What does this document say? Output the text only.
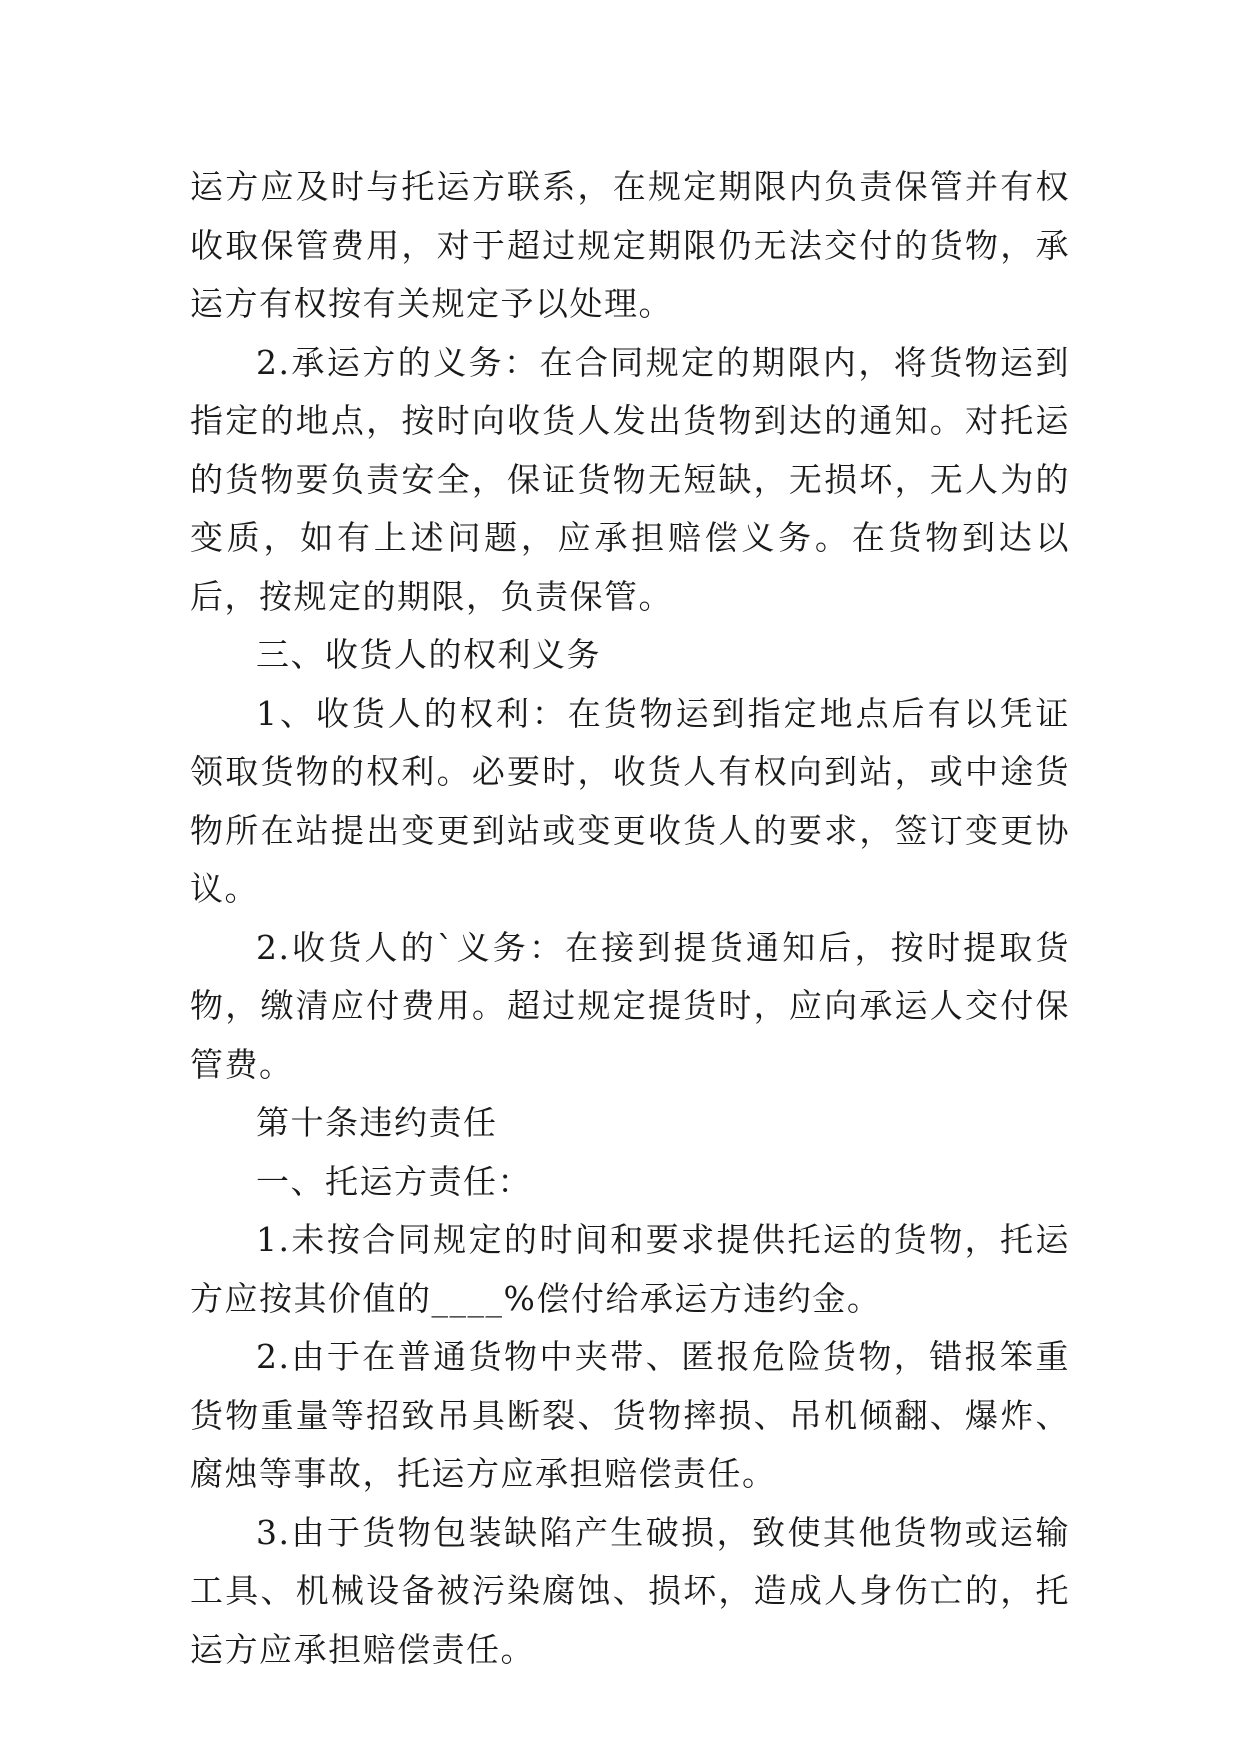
运方应及时与托运方联系，在规定期限内负责保管并有权收取保管费用，对于超过规定期限仍无法交付的货物，承运方有权按有关规定予以处理。

2.承运方的义务：在合同规定的期限内，将货物运到指定的地点，按时向收货人发出货物到达的通知。对托运的货物要负责安全，保证货物无短缺，无损坏，无人为的变质，如有上述问题，应承担赔偿义务。在货物到达以后，按规定的期限，负责保管。

三、收货人的权利义务

1、收货人的权利：在货物运到指定地点后有以凭证领取货物的权利。必要时，收货人有权向到站，或中途货物所在站提出变更到站或变更收货人的要求，签订变更协议。

2.收货人的`义务：在接到提货通知后，按时提取货物，缴清应付费用。超过规定提货时，应向承运人交付保管费。

第十条违约责任

一、托运方责任：

1.未按合同规定的时间和要求提供托运的货物，托运方应按其价值的____%偿付给承运方违约金。

2.由于在普通货物中夹带、匿报危险货物，错报笨重货物重量等招致吊具断裂、货物摔损、吊机倾翻、爆炸、腐烛等事故，托运方应承担赔偿责任。

3.由于货物包装缺陷产生破损，致使其他货物或运输工具、机械设备被污染腐蚀、损坏，造成人身伤亡的，托运方应承担赔偿责任。
